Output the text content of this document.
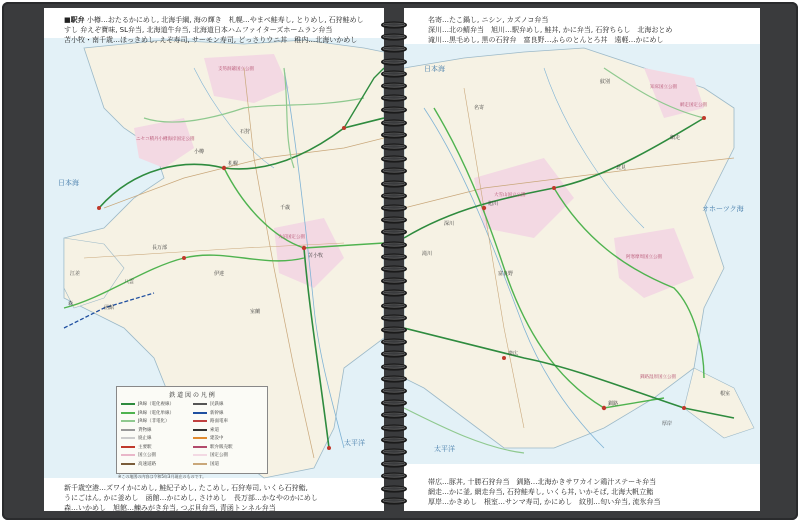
■駅弁 小樽…おたるかにめし, 北海手綱, 海の輝き　札幌…やまべ鮭寿し, とりめし, 石狩鮭めし
すし 弁えぞ寶味, SL弁当, 北海道牛弁当, 北海道日本ハムファイターズホームラン弁当
苫小牧・南千歳…ほっきめし, えぞ寿司, サーモン寿司, どっさりウニ丼　稚内…北海いかめし
日本海
太平洋
札幌
小樽
函館
苫小牧
千歳
室蘭
石狩
江差
森
長万部
伊達
八雲
支笏洞爺国立公園
大沼国定公園
ニセコ積丹小樽海岸国定公園
鉄 道 図 の 凡 例
JR線（電化複線）	民鉄線
JR線（電化単線）	新幹線
JR線（非電化）	路面電車
貨物線	索道
廃止線	建設中
主要駅	駅弁販売駅
国立公園	国定公園
高速道路	国道
※この地図の内容は令和5年3月現在のものです。
新千歳空港…ズワイかにめし, 鮭紀子めし, たこめし, 石狩寿司, いくら石狩鮨,
うにごはん, かに釜めし　函館…かにめし, さけめし　長万部…かなやのかにめし
森…いかめし　旭館…鰊みがき弁当, つぶ貝弁当, 青函トンネル弁当
名寄…たこ鍋し, ニシン, カズノコ弁当
深川…北の鯖弁当　旭川…駅弁めし, 鮭丼, かに弁当, 石狩ちらし　北海おとめ
滝川…黒毛めし, 黒の石狩弁　富良野…ふらのとんとろ丼　遠軽…かにめし
日本海
太平洋
オホーツク海
旭川
帯広
釧路
網走
根室
北見
紋別
名寄
富良野
深川
滝川
厚岸
大雪山国立公園
阿寒摩周国立公園
知床国立公園
釧路湿原国立公園
網走国定公園
帯広…豚丼, 十勝石狩弁当　釧路…北海かきサワカイン鶏汁ステーキ弁当
網走…かに釜, 網走弁当, 石狩鮭寿し, いくら丼, いかそば, 北海大帆立鮨
厚岸…かきめし　根室…サンマ寿司, かにめし　紋別…旬い弁当, 流氷弁当
